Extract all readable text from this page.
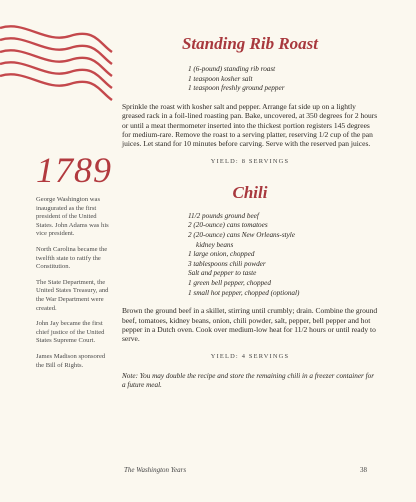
1789

George Washington was inaugurated as the first president of the United States. John Adams was his vice president.

North Carolina became the twelfth state to ratify the Constitution.

The State Department, the United States Treasury, and the War Department were created.

John Jay became the first chief justice of the United States Supreme Court.

James Madison sponsored the Bill of Rights.

Standing Rib Roast
1 (6-pound) standing rib roast
1 teaspoon kosher salt
1 teaspoon freshly ground pepper

Sprinkle the roast with kosher salt and pepper. Arrange fat side up on a lightly greased rack in a foil-lined roasting pan. Bake, uncovered, at 350 degrees for 2 hours or until a meat thermometer inserted into the thickest portion registers 145 degrees for medium-rare. Remove the roast to a serving platter, reserving 1/2 cup of the pan juices. Let stand for 10 minutes before carving. Serve with the reserved pan juices.

YIELD: 8 SERVINGS
Chili
11/2 pounds ground beef
2 (20-ounce) cans tomatoes
2 (20-ounce) cans New Orleans-style
kidney beans
1 large onion, chopped
3 tablespoons chili powder
Salt and pepper to taste
1 green bell pepper, chopped
1 small hot pepper, chopped (optional)

Brown the ground beef in a skillet, stirring until crumbly; drain. Combine the ground beef, tomatoes, kidney beans, onion, chili powder, salt, pepper, bell pepper and hot pepper in a Dutch oven. Cook over medium-low heat for 11/2 hours or until ready to serve.

YIELD: 4 SERVINGS

Note: You may double the recipe and store the remaining chili in a freezer container for a future meal.

The Washington Years	38
